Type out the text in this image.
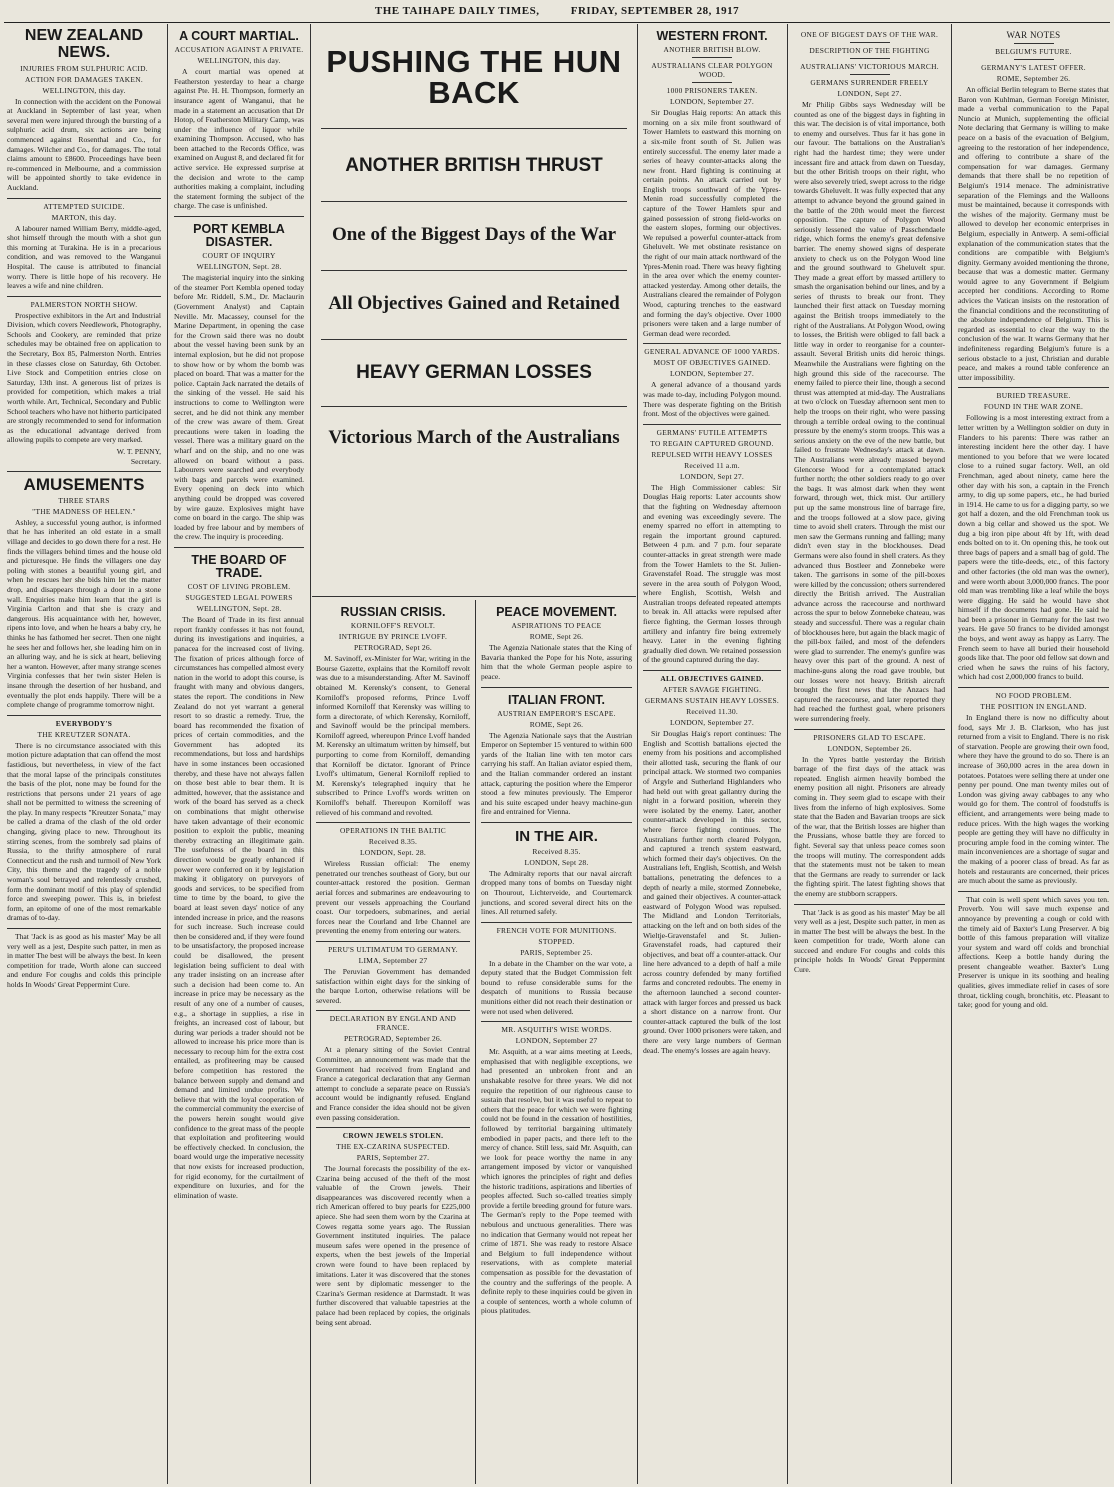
THE TAIHAPE DAILY TIMES,	FRIDAY, SEPTEMBER 28, 1917
NEW ZEALAND NEWS.
INJURIES FROM SULPHURIC ACID.
ACTION FOR DAMAGES TAKEN.
WELLINGTON, this day.

In connection with the accident on the Ponowai at Auckland in September of last year, when several men were injured through the bursting of a sulphuric acid drum, six actions are being commenced against Rosenthal and Co., for damages. Wilcher and Co., for damages. The total claims amount to £8600. Proceedings have been re-commenced in Melbourne, and a commission will be appointed shortly to take evidence in Auckland.

ATTEMPTED SUICIDE.
MARTON, this day.

A labourer named William Berry, middle-aged, shot himself through the mouth with a shot gun this morning at Turakina. He is in a precarious condition, and was removed to the Wanganui Hospital. The cause is attributed to financial worry. There is little hope of his recovery. He leaves a wife and nine children.

PALMERSTON NORTH SHOW.

Prospective exhibitors in the Art and Industrial Division, which covers Needlework, Photography, Schools and Cookery, are reminded that prize schedules may be obtained free on application to the Secretary, Box 85, Palmerston North. Entries in these classes close on Saturday, 6th October. Live Stock and Competition entries close on Saturday, 13th inst. A generous list of prizes is provided for competition, which makes a trial worth while. Art, Technical, Secondary and Public School teachers who have not hitherto participated are strongly recommended to send for information as the educational advantage derived from allowing pupils to compete are very marked.

W. T. PENNY,
Secretary.
AMUSEMENTS
THREE STARS
"THE MADNESS OF HELEN."

Ashley, a successful young author, is informed that he has inherited an old estate in a small village and decides to go down there for a rest. He finds the villagers behind times and the house old and picturesque. He finds the villagers one day poling with stones a beautiful young girl, and when he rescues her she bids him let the matter drop, and disappears through a door in a stone wall. Enquiries make him learn that the girl is Virginia Carlton and that she is crazy and dangerous. His acquaintance with her, however, ripens into love, and when he hears a baby cry, he thinks he has fathomed her secret. Then one night he sees her and follows her, she leading him on in an alluring way, and he is sick at heart, believing her a wanton. However, after many strange scenes Virginia confesses that her twin sister Helen is insane through the desertion of her husband, and eventually the plot ends happily. There will be a complete change of programme tomorrow night.

EVERYBODY'S
THE KREUTZER SONATA.

There is no circumstance associated with this motion picture adaptation that can offend the most fastidious, but nevertheless, in view of the fact that the moral lapse of the principals constitutes the basis of the plot, none may be found for the restrictions that persons under 21 years of age shall not be permitted to witness the screening of the play. In many respects "Kreutzer Sonata," may be called a drama of the clash of the old order changing, giving place to new. Throughout its stirring scenes, from the sombrely sad plains of Russia, to the thrifty atmosphere of rural Connecticut and the rush and turmoil of New York City, this theme and the tragedy of a noble woman's soul betrayed and relentlessly crushed, form the dominant motif of this play of splendid force and sweeping power. This is, in briefest form, an epitome of one of the most remarkable dramas of to-day.

That 'Jack is as good as his master' May be all very well as a jest, Despite such patter, in men as in matter The best will be always the best. In keen competition for trade, Worth alone can succeed and endure For coughs and colds this principle holds In Woods' Great Peppermint Cure.

A COURT MARTIAL.
ACCUSATION AGAINST A PRIVATE.
WELLINGTON, this day.

A court martial was opened at Featherston yesterday to hear a charge against Pte. H. H. Thompson, formerly an insurance agent of Wanganui, that he made in a statement an accusation that Dr Hotop, of Featherston Military Camp, was under the influence of liquor while examining Thompson. Accused, who has been attached to the Records Office, was examined on August 8, and declared fit for active service. He expressed surprise at the decision and wrote to the camp authorities making a complaint, including the statement forming the subject of the charge. The case is unfinished.

PORT KEMBLA DISASTER.
COURT OF INQUIRY
WELLINGTON, Sept. 28.

The magisterial inquiry into the sinking of the steamer Port Kembla opened today before Mr. Riddell, S.M., Dr. Maclaurin (Government Analyst) and Captain Neville. Mr. Macassey, counsel for the Marine Department, in opening the case for the Crown said there was no doubt about the vessel having been sunk by an internal explosion, but he did not propose to show how or by whom the bomb was placed on board. That was a matter for the police. Captain Jack narrated the details of the sinking of the vessel. He said his instructions to come to Wellington were secret, and he did not think any member of the crew was aware of them. Great precautions were taken in loading the vessel. There was a military guard on the wharf and on the ship, and no one was allowed on board without a pass. Labourers were searched and everybody with bags and parcels were examined. Every opening on deck into which anything could be dropped was covered by wire gauze. Explosives might have come on board in the cargo. The ship was loaded by free labour and by members of the crew. The inquiry is proceeding.

THE BOARD OF TRADE.
COST OF LIVING PROBLEM.
SUGGESTED LEGAL POWERS
WELLINGTON, Sept. 28.

The Board of Trade in its first annual report frankly confesses it has not found, during its investigations and inquiries, a panacea for the increased cost of living. The fixation of prices although force of circumstances has compelled almost every nation in the world to adopt this course, is fraught with many and obvious dangers, states the report. The conditions in New Zealand do not yet warrant a general resort to so drastic a remedy. True, the board has recommended the fixation of prices of certain commodities, and the Government has adopted its recommendations, but loss and hardships have in some instances been occasioned thereby, and these have not always fallen on those best able to bear them. It is admitted, however, that the assistance and work of the board has served as a check on combinations that might otherwise have taken advantage of their economic position to exploit the public, meaning thereby extracting an illegitimate gain. The usefulness of the board in this direction would be greatly enhanced if power were conferred on it by legislation making it obligatory on purveyors of goods and services, to be specified from time to time by the board, to give the board at least seven days' notice of any intended increase in price, and the reasons for such increase. Such increase could then be considered and, if they were found to be unsatisfactory, the proposed increase could be disallowed, the present legislation being sufficient to deal with any trader insisting on an increase after such a decision had been come to. An increase in price may be necessary as the result of any one of a number of causes, e.g., a shortage in supplies, a rise in freights, an increased cost of labour, but during war periods a trader should not be allowed to increase his price more than is necessary to recoup him for the extra cost entailed, as profiteering may be caused before competition has restored the balance between supply and demand and demand and limited undue profits. We believe that with the loyal cooperation of the commercial community the exercise of the powers herein sought would give confidence to the great mass of the people that exploitation and profiteering would be effectively checked. In conclusion, the board would urge the imperative necessity that now exists for increased production, for rigid economy, for the curtailment of expenditure on luxuries, and for the elimination of waste.

PUSHING THE HUN BACK
ANOTHER BRITISH THRUST
One of the Biggest Days of the War
All Objectives Gained and Retained
HEAVY GERMAN LOSSES
Victorious March of the Australians
RUSSIAN CRISIS.
KORNILOFF'S REVOLT.
INTRIGUE BY PRINCE LVOFF.
PETROGRAD, Sept 26.

M. Savinoff, ex-Minister for War, writing in the Bourse Gazette, explains that the Korniloff revolt was due to a misunderstanding. After M. Savinoff obtained M. Kerensky's consent, to General Korniloff's proposed reforms, Prince Lvoff informed Korniloff that Kerensky was willing to form a directorate, of which Kerensky, Korniloff, and Savinoff would be the principal members. Korniloff agreed, whereupon Prince Lvoff handed M. Kerensky an ultimatum written by himself, but purporting to come from Korniloff, demanding that Korniloff be dictator. Ignorant of Prince Lvoff's ultimatum, General Korniloff replied to M. Kerensky's telegraphed inquiry that he subscribed to Prince Lvoff's words written on Korniloff's behalf. Thereupon Korniloff was relieved of his command and revolted.

OPERATIONS IN THE BALTIC
Received 8.35.
LONDON, Sept. 28.

Wireless Russian official: The enemy penetrated our trenches southeast of Gory, but our counter-attack restored the position. German aerial forces and submarines are endeavouring to prevent our vessels approaching the Courland coast. Our torpedoers, submarines, and aerial forces near the Courland and Irbe Channel are preventing the enemy from entering our waters.

PERU'S ULTIMATUM TO GERMANY.
LIMA, September 27

The Peruvian Government has demanded satisfaction within eight days for the sinking of the barque Lorton, otherwise relations will be severed.

DECLARATION BY ENGLAND AND FRANCE.
PETROGRAD, September 26.

At a plenary sitting of the Soviet Central Committee, an announcement was made that the Government had received from England and France a categorical declaration that any German attempt to conclude a separate peace on Russia's account would be indignantly refused. England and France consider the idea should not be given even passing consideration.

CROWN JEWELS STOLEN.
THE EX-CZARINA SUSPECTED.
PARIS, September 27.

The Journal forecasts the possibility of the ex-Czarina being accused of the theft of the most valuable of the Crown jewels. Their disappearances was discovered recently when a rich American offered to buy pearls for £225,000 apiece. She had seen them worn by the Czarina at Cowes regatta some years ago. The Russian Government instituted inquiries. The palace museum safes were opened in the presence of experts, when the best jewels of the Imperial crown were found to have been replaced by imitations. Later it was discovered that the stones were sent by diplomatic messenger to the Czarina's German residence at Darmstadt. It was further discovered that valuable tapestries at the palace had been replaced by copies, the originals being sent abroad.

PEACE MOVEMENT.
ASPIRATIONS TO PEACE
ROME, Sept 26.

The Agenzia Nationale states that the King of Bavaria thanked the Pope for his Note, assuring him that the whole German people aspire to peace.

ITALIAN FRONT.
AUSTRIAN EMPEROR'S ESCAPE.
ROME, Sept 26.

The Agenzia Nationale says that the Austrian Emperor on September 15 ventured to within 600 yards of the Italian line with ten motor cars carrying his staff. An Italian aviator espied them, and the Italian commander ordered an instant attack, capturing the position where the Emperor stood a few minutes previously. The Emperor and his suite escaped under heavy machine-gun fire and entrained for Vienna.

IN THE AIR.
Received 8.35.
LONDON, Sept 28.

The Admiralty reports that our naval aircraft dropped many tons of bombs on Tuesday night on Thourout, Lichterveide, and Courtemarck junctions, and scored several direct hits on the lines. All returned safely.

FRENCH VOTE FOR MUNITIONS.
STOPPED.
PARIS, September 25.

In a debate in the Chamber on the war vote, a deputy stated that the Budget Commission felt bound to refuse considerable sums for the despatch of munitions to Russia because munitions either did not reach their destination or were not used when delivered.

MR. ASQUITH'S WISE WORDS.
LONDON, September 27

Mr. Asquith, at a war aims meeting at Leeds, emphasised that with negligible exceptions, we had presented an unbroken front and an unshakable resolve for three years. We did not require the repetition of our righteous cause to sustain that resolve, but it was useful to repeat to others that the peace for which we were fighting could not be found in the cessation of hostilities, followed by territorial bargaining ultimately embodied in paper pacts, and there left to the mercy of chance. Still less, said Mr. Asquith, can we look for peace worthy the name in any arrangement imposed by victor or vanquished which ignores the principles of right and defies the historic traditions, aspirations and liberties of peoples affected. Such so-called treaties simply provide a fertile breeding ground for future wars. The German's reply to the Pope teemed with nebulous and unctuous generalities. There was no indication that Germany would not repeat her crime of 1871. She was ready to restore Alsace and Belgium to full independence without reservations, with as complete material compensation as possible for the devastation of the country and the sufferings of the people. A definite reply to these inquiries could be given in a couple of sentences, worth a whole column of pious platitudes.

WESTERN FRONT.
ANOTHER BRITISH BLOW.
AUSTRALIANS CLEAR POLYGON WOOD.
1000 PRISONERS TAKEN.
LONDON, September 27.

Sir Douglas Haig reports: An attack this morning on a six mile front southward of Tower Hamlets to eastward this morning on a six-mile front south of St. Julien was entirely successful. The enemy later made a series of heavy counter-attacks along the new front. Hard fighting is continuing at certain points. An attack carried out by English troops southward of the Ypres-Menin road successfully completed the capture of the Tower Hamlets spur and gained possession of strong field-works on the eastern slopes, forming our objectives. We repulsed a powerful counter-attack from Gheluvelt. We met obstinate resistance on the right of our main attack northward of the Ypres-Menin road. There was heavy fighting in the area over which the enemy counter-attacked yesterday. Among other details, the Australians cleared the remainder of Polygon Wood, capturing trenches to the eastward and forming the day's objective. Over 1000 prisoners were taken and a large number of German dead were recorded.

GENERAL ADVANCE OF 1000 YARDS.
MOST OF OBJECTIVES GAINED.
LONDON, September 27.

A general advance of a thousand yards was made to-day, including Polygon mound. There was desperate fighting on the British front. Most of the objectives were gained.

GERMANS' FUTILE ATTEMPTS
TO REGAIN CAPTURED GROUND.
REPULSED WITH HEAVY LOSSES
Received 11 a.m.
LONDON, Sept 27.

The High Commissioner cables: Sir Douglas Haig reports: Later accounts show that the fighting on Wednesday afternoon and evening was exceedingly severe. The enemy sparred no effort in attempting to regain the important ground captured. Between 4 p.m. and 7 p.m. four separate counter-attacks in great strength were made from the Tower Hamlets to the St. Julien-Gravenstafel Road. The struggle was most severe in the area south of Polygon Wood, where English, Scottish, Welsh and Australian troops defeated repeated attempts to break in. All attacks were repulsed after fierce fighting, the German losses through artillery and infantry fire being extremely heavy. Later in the evening fighting gradually died down. We retained possession of the ground captured during the day.

ALL OBJECTIVES GAINED.
AFTER SAVAGE FIGHTING.
GERMANS SUSTAIN HEAVY LOSSES.
Received 11.30.
LONDON, September 27.

Sir Douglas Haig's report continues: The English and Scottish battalions ejected the enemy from his positions and accomplished their allotted task, securing the flank of our principal attack. We stormed two companies of Argyle and Sutherland Highlanders who had held out with great gallantry during the night in a forward position, wherein they were isolated by the enemy. Later, another counter-attack developed in this sector, where fierce fighting continues. The Australians further north cleared Polygon, and captured a trench system eastward, which formed their day's objectives. On the Australians left, English, Scottish, and Welsh battalions, penetrating the defences to a depth of nearly a mile, stormed Zonnebeke, and gained their objectives. A counter-attack eastward of Polygon Wood was repulsed. The Midland and London Territorials, attacking on the left and on both sides of the Wieltje-Gravenstafel and St. Julien-Gravenstafel roads, had captured their objectives, and beat off a counter-attack. Our line here advanced to a depth of half a mile across country defended by many fortified farms and concreted redoubts. The enemy in the afternoon launched a second counter-attack with larger forces and pressed us back a short distance on a narrow front. Our counter-attack captured the bulk of the lost ground. Over 1000 prisoners were taken, and there are very large numbers of German dead. The enemy's losses are again heavy.

ONE OF BIGGEST DAYS OF THE WAR.
DESCRIPTION OF THE FIGHTING
AUSTRALIANS' VICTORIOUS MARCH.
GERMANS SURRENDER FREELY
LONDON, Sept 27.

Mr Philip Gibbs says Wednesday will be counted as one of the biggest days in fighting in this war. The decision is of vital importance, both to enemy and ourselves. Thus far it has gone in our favour. The battalions on the Australian's right had the hardest time; they were under incessant fire and attack from dawn on Tuesday, but the other British troops on their right, who were also severely tried, swept across to the ridge towards Gheluvelt. It was fully expected that any attempt to advance beyond the ground gained in the battle of the 20th would meet the fiercest opposition. The capture of Polygon Wood seriously lessened the value of Passchendaele ridge, which forms the enemy's great defensive barrier. The enemy showed signs of desperate anxiety to check us on the Polygon Wood line and the ground southward to Gheluvelt spur. They made a great effort by massed artillery to smash the organisation behind our lines, and by a series of thrusts to break our front. They launched their first attack on Tuesday morning against the British troops immediately to the right of the Australians. At Polygon Wood, owing to losses, the British were obliged to fall back a little way in order to reorganise for a counter-assault. Several British units did heroic things. Meanwhile the Australians were fighting on the high ground this side of the racecourse. The enemy failed to pierce their line, though a second thrust was attempted at mid-day. The Australians at two o'clock on Tuesday afternoon sent men to help the troops on their right, who were passing through a terrible ordeal owing to the continual pressure by the enemy's storm troops. This was a serious anxiety on the eve of the new battle, but failed to frustrate Wednesday's attack at dawn. The Australians were already massed beyond Glencorse Wood for a contemplated attack further north; the other soldiers ready to go over the bags. It was almost dark when they went forward, through wet, thick mist. Our artillery put up the same monstrous line of barrage fire, and the troops followed at a slow pace, giving time to avoid shell craters. Through the mist our men saw the Germans running and falling; many didn't even stay in the blockhouses. Dead Germans were also found in shell craters. As they advanced thus Bostleer and Zonnebeke were taken. The garrisons in some of the pill-boxes were killed by the concussion; others surrendered directly the British arrived. The Australian advance across the racecourse and northward across the spur to below Zonnebeke chateau, was steady and successful. There was a regular chain of blockhouses here, but again the black magic of the pill-box failed, and most of the defenders were glad to surrender. The enemy's gunfire was heavy over this part of the ground. A nest of machine-guns along the road gave trouble, but our losses were not heavy. British aircraft brought the first news that the Anzacs had captured the racecourse, and later reported they had reached the furthest goal, where prisoners were surrendering freely.

PRISONERS GLAD TO ESCAPE.
LONDON, September 26.

In the Ypres battle yesterday the British barrage of the first days of the attack was repeated. English airmen heavily bombed the enemy position all night. Prisoners are already coming in. They seem glad to escape with their lives from the inferno of high explosives. Some state that the Baden and Bavarian troops are sick of the war, that the British losses are higher than the Prussians, whose battle they are forced to fight. Several say that unless peace comes soon the troops will mutiny. The correspondent adds that the statements must not be taken to mean that the Germans are ready to surrender or lack the fighting spirit. The latest fighting shows that the enemy are stubborn scrappers.

That 'Jack is as good as his master' May be all very well as a jest, Despite such patter, in men as in matter The best will be always the best. In the keen competition for trade, Worth alone can succeed and endure For coughs and colds this principle holds In Woods' Great Peppermint Cure.

WAR NOTES
BELGIUM'S FUTURE.
GERMANY'S LATEST OFFER.
ROME, September 26.

An official Berlin telegram to Berne states that Baron von Kuhlman, German Foreign Minister, made a verbal communication to the Papal Nuncio at Munich, supplementing the official Note declaring that Germany is willing to make peace on a basis of the evacuation of Belgium, agreeing to the restoration of her independence, and offering to contribute a share of the compensation for war damages. Germany demands that there shall be no repetition of Belgium's 1914 menace. The administrative separation of the Flemings and the Walloons must be maintained, because it corresponds with the wishes of the majority. Germany must be allowed to develop her economic enterprises in Belgium, especially in Antwerp. A semi-official explanation of the communication states that the conditions are compatible with Belgium's dignity. Germany avoided mentioning the throne, because that was a domestic matter. Germany would agree to any Government if Belgium accepted her conditions. According to Rome advices the Vatican insists on the restoration of the financial conditions and the reconstituting of the absolute independence of Belgium. This is regarded as essential to clear the way to the conclusion of the war. It warns Germany that her indefiniteness regarding Belgium's future is a serious obstacle to a just, Christian and durable peace, and makes a round table conference an utter impossibility.

BURIED TREASURE.
FOUND IN THE WAR ZONE.

Following is a most interesting extract from a letter written by a Wellington soldier on duty in Flanders to his parents: There was rather an interesting incident here the other day. I have mentioned to you before that we were located close to a ruined sugar factory. Well, an old Frenchman, aged about ninety, came here the other day with his son, a captain in the French army, to dig up some papers, etc., he had buried in 1914. He came to us for a digging party, so we got half a dozen, and the old Frenchman took us down a big cellar and showed us the spot. We dug a big iron pipe about 4ft by 1ft, with dead ends bolted on to it. On opening this, he took out three bags of papers and a small bag of gold. The papers were the title-deeds, etc., of this factory and other factories (the old man was the owner), and were worth about 3,000,000 francs. The poor old man was trembling like a leaf while the boys were digging. He said he would have shot himself if the documents had gone. He said he had been a prisoner in Germany for the last two years. He gave 50 francs to be divided amongst the boys, and went away as happy as Larry. The French seem to have all buried their household goods like that. The poor old fellow sat down and cried when he saws the ruins of his factory, which had cost 2,000,000 francs to build.

NO FOOD PROBLEM.
THE POSITION IN ENGLAND.

In England there is now no difficulty about food, says Mr J. B. Clarkson, who has just returned from a visit to England. There is no risk of starvation. People are growing their own food, where they have the ground to do so. There is an increase of 360,000 acres in the area down in potatoes. Potatoes were selling there at under one penny per pound. One man twenty miles out of London was giving away cabbages to any who would go for them. The control of foodstuffs is efficient, and arrangements were being made to reduce prices. With the high wages the working people are getting they will have no difficulty in procuring ample food in the coming winter. The main inconveniences are a shortage of sugar and the making of a poorer class of bread. As far as hotels and restaurants are concerned, their prices are much about the same as previously.

That coin is well spent which saves you ten. Proverb. You will save much expense and annoyance by preventing a cough or cold with the timely aid of Baxter's Lung Preserver. A big bottle of this famous preparation will vitalize your system and ward off colds and bronchial affections. Keep a bottle handy during the present changeable weather. Baxter's Lung Preserver is unique in its soothing and healing qualities, gives immediate relief in cases of sore throat, tickling cough, bronchitis, etc. Pleasant to take; good for young and old.
